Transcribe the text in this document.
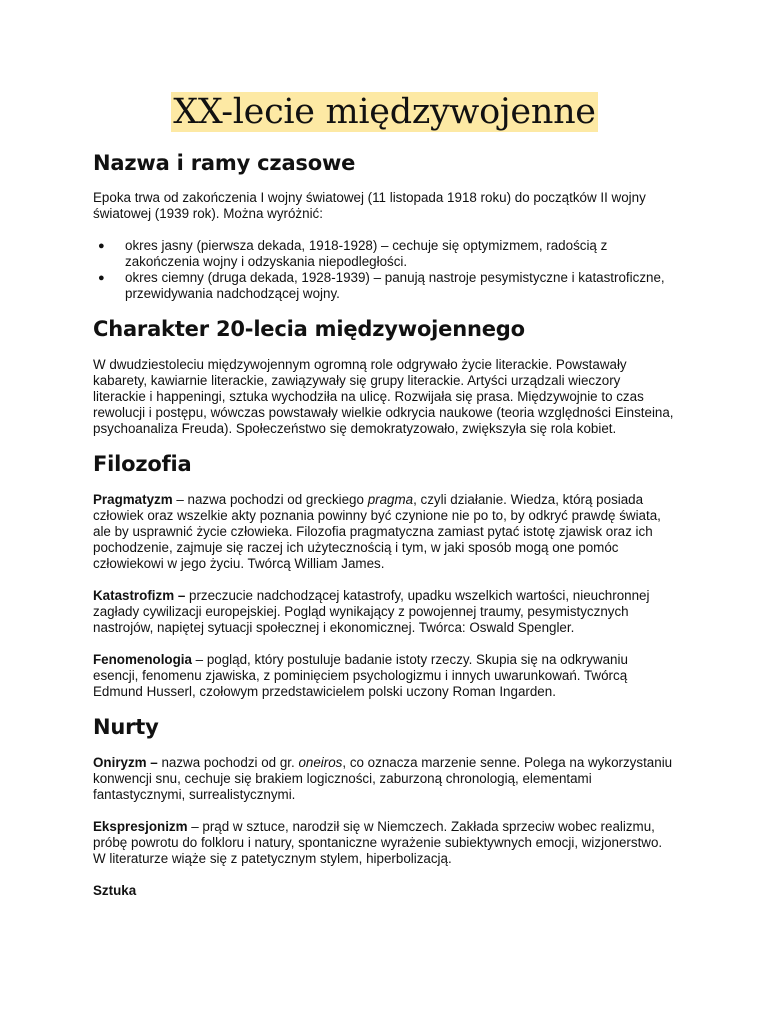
XX-lecie międzywojenne
Nazwa i ramy czasowe

Epoka trwa od zakończenia I wojny światowej (11 listopada 1918 roku) do początków II wojny światowej (1939 rok). Można wyróżnić:

● okres jasny (pierwsza dekada, 1918-1928) – cechuje się optymizmem, radością z zakończenia wojny i odzyskania niepodległości.
● okres ciemny (druga dekada, 1928-1939) – panują nastroje pesymistyczne i katastroficzne, przewidywania nadchodzącej wojny.
Charakter 20-lecia międzywojennego

W dwudziestoleciu międzywojennym ogromną role odgrywało życie literackie. Powstawały kabarety, kawiarnie literackie, zawiązywały się grupy literackie. Artyści urządzali wieczory literackie i happeningi, sztuka wychodziła na ulicę. Rozwijała się prasa. Międzywojnie to czas rewolucji i postępu, wówczas powstawały wielkie odkrycia naukowe (teoria względności Einsteina, psychoanaliza Freuda). Społeczeństwo się demokratyzowało, zwiększyła się rola kobiet.

Filozofia

Pragmatyzm – nazwa pochodzi od greckiego pragma, czyli działanie. Wiedza, którą posiada człowiek oraz wszelkie akty poznania powinny być czynione nie po to, by odkryć prawdę świata, ale by usprawnić życie człowieka. Filozofia pragmatyczna zamiast pytać istotę zjawisk oraz ich pochodzenie, zajmuje się raczej ich użytecznością i tym, w jaki sposób mogą one pomóc człowiekowi w jego życiu. Twórcą William James.

Katastrofizm – przeczucie nadchodzącej katastrofy, upadku wszelkich wartości, nieuchronnej zagłady cywilizacji europejskiej. Pogląd wynikający z powojennej traumy, pesymistycznych nastrojów, napiętej sytuacji społecznej i ekonomicznej. Twórca: Oswald Spengler.

Fenomenologia – pogląd, który postuluje badanie istoty rzeczy. Skupia się na odkrywaniu esencji, fenomenu zjawiska, z pominięciem psychologizmu i innych uwarunkowań. Twórcą Edmund Husserl, czołowym przedstawicielem polski uczony Roman Ingarden.

Nurty

Oniryzm – nazwa pochodzi od gr. oneiros, co oznacza marzenie senne. Polega na wykorzystaniu konwencji snu, cechuje się brakiem logiczności, zaburzoną chronologią, elementami fantastycznymi, surrealistycznymi.

Ekspresjonizm – prąd w sztuce, narodził się w Niemczech. Zakłada sprzeciw wobec realizmu, próbę powrotu do folkloru i natury, spontaniczne wyrażenie subiektywnych emocji, wizjonerstwo. W literaturze wiąże się z patetycznym stylem, hiperbolizacją.

Sztuka
